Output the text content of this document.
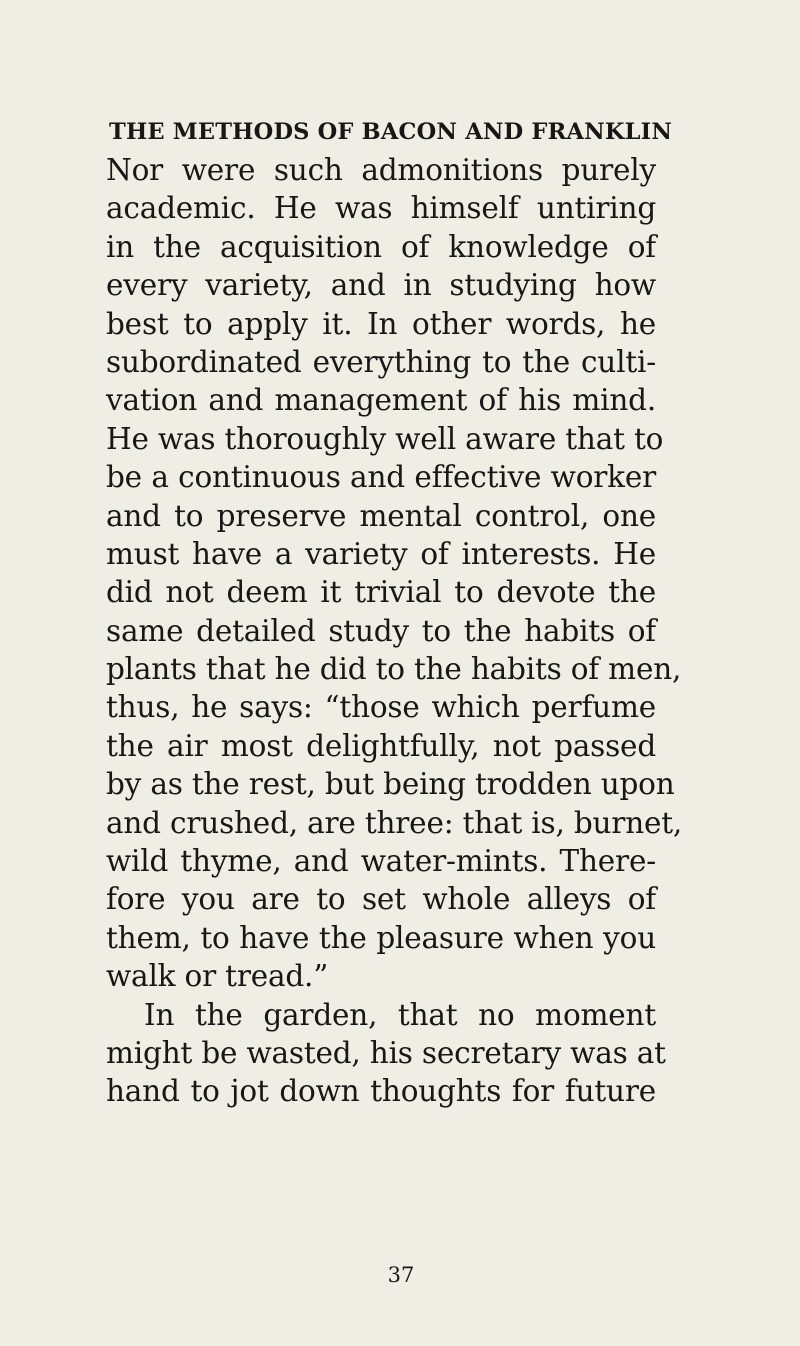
THE METHODS OF BACON AND FRANKLIN
Nor were such admonitions purely
academic. He was himself untiring
in the acquisition of knowledge of
every variety, and in studying how
best to apply it. In other words, he
subordinated everything to the culti-
vation and management of his mind.
He was thoroughly well aware that to
be a continuous and effective worker
and to preserve mental control, one
must have a variety of interests. He
did not deem it trivial to devote the
same detailed study to the habits of
plants that he did to the habits of men,
thus, he says: “those which perfume
the air most delightfully, not passed
by as the rest, but being trodden upon
and crushed, are three: that is, burnet,
wild thyme, and water-mints. There-
fore you are to set whole alleys of
them, to have the pleasure when you
walk or tread.”
In the garden, that no moment
might be wasted, his secretary was at
hand to jot down thoughts for future
37
